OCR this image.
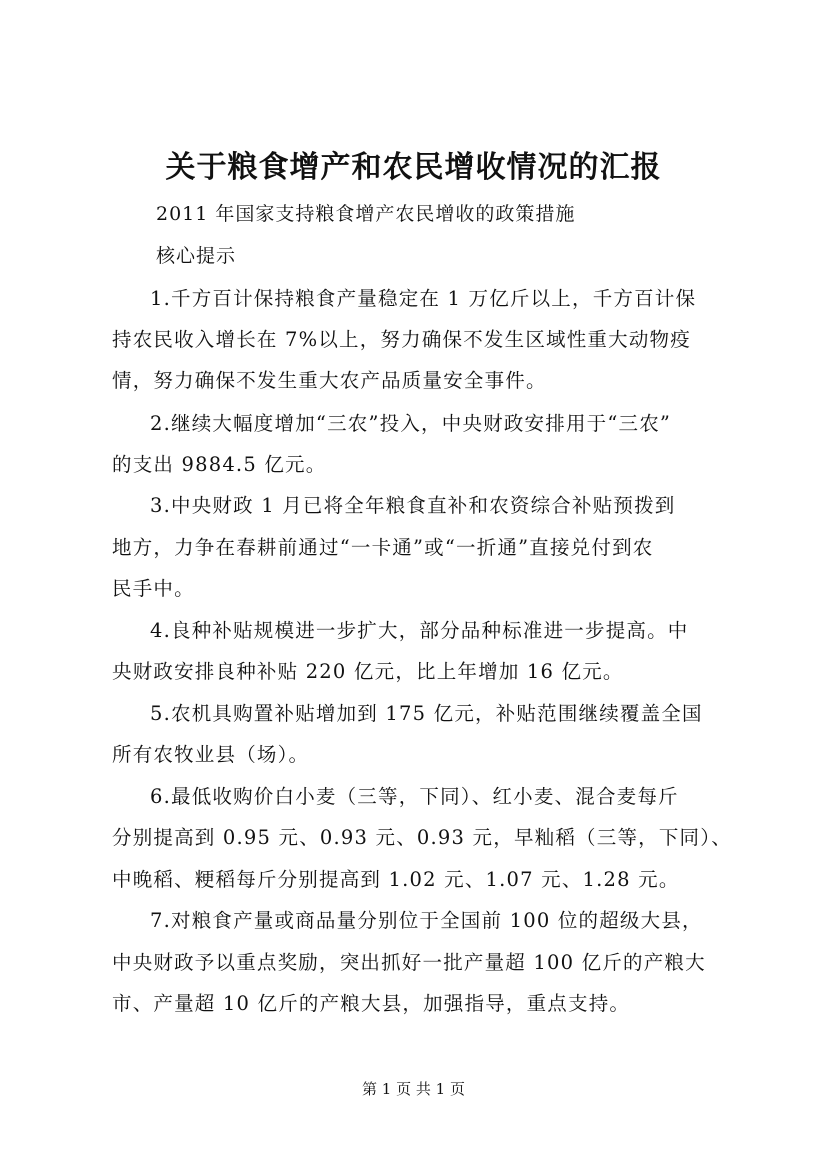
关于粮食增产和农民增收情况的汇报
2011 年国家支持粮食增产农民增收的政策措施
核心提示
1.千方百计保持粮食产量稳定在 1 万亿斤以上，千方百计保
持农民收入增长在 7%以上，努力确保不发生区域性重大动物疫
情，努力确保不发生重大农产品质量安全事件。
2.继续大幅度增加“三农”投入，中央财政安排用于“三农”
的支出 9884.5 亿元。
3.中央财政 1 月已将全年粮食直补和农资综合补贴预拨到
地方，力争在春耕前通过“一卡通”或“一折通”直接兑付到农
民手中。
4.良种补贴规模进一步扩大，部分品种标准进一步提高。中
央财政安排良种补贴 220 亿元，比上年增加 16 亿元。
5.农机具购置补贴增加到 175 亿元，补贴范围继续覆盖全国
所有农牧业县（场）。
6.最低收购价白小麦（三等，下同）、红小麦、混合麦每斤
分别提高到 0.95 元、0.93 元、0.93 元，早籼稻（三等，下同）、
中晚稻、粳稻每斤分别提高到 1.02 元、1.07 元、1.28 元。
7.对粮食产量或商品量分别位于全国前 100 位的超级大县，
中央财政予以重点奖励，突出抓好一批产量超 100 亿斤的产粮大
市、产量超 10 亿斤的产粮大县，加强指导，重点支持。
第 1 页 共 1 页
